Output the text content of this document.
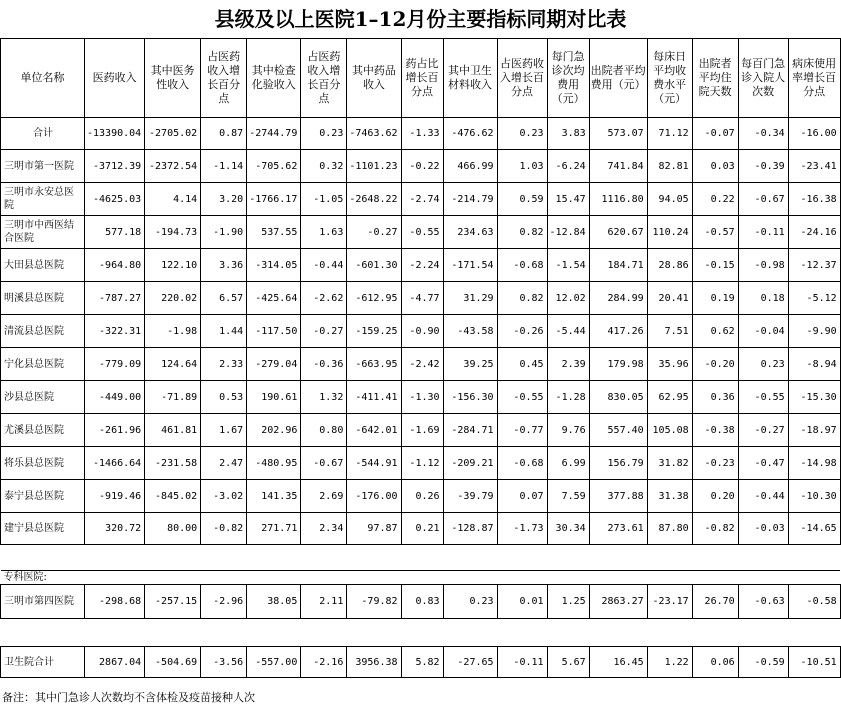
县级及以上医院1–12月份主要指标同期对比表
单位名称	医药收入	其中医务性收入	占医药收入增长百分点	其中检查化验收入	占医药收入增长百分点	其中药品收入	药占比增长百分点	其中卫生材料收入	占医药收入增长百分点	每门急诊次均费用（元）	出院者平均费用（元）	每床日平均收费水平（元）	出院者平均住院天数	每百门急诊入院人次数	病床使用率增长百分点
合计	-13390.04	-2705.02	0.87	-2744.79	0.23	-7463.62	-1.33	-476.62	0.23	3.83	573.07	71.12	-0.07	-0.34	-16.00
三明市第一医院	-3712.39	-2372.54	-1.14	-705.62	0.32	-1101.23	-0.22	466.99	1.03	-6.24	741.84	82.81	0.03	-0.39	-23.41
三明市永安总医院	-4625.03	4.14	3.20	-1766.17	-1.05	-2648.22	-2.74	-214.79	0.59	15.47	1116.80	94.05	0.22	-0.67	-16.38
三明市中西医结合医院	577.18	-194.73	-1.90	537.55	1.63	-0.27	-0.55	234.63	0.82	-12.84	620.67	110.24	-0.57	-0.11	-24.16
大田县总医院	-964.80	122.10	3.36	-314.05	-0.44	-601.30	-2.24	-171.54	-0.68	-1.54	184.71	28.86	-0.15	-0.98	-12.37
明溪县总医院	-787.27	220.02	6.57	-425.64	-2.62	-612.95	-4.77	31.29	0.82	12.02	284.99	20.41	0.19	0.18	-5.12
清流县总医院	-322.31	-1.98	1.44	-117.50	-0.27	-159.25	-0.90	-43.58	-0.26	-5.44	417.26	7.51	0.62	-0.04	-9.90
宁化县总医院	-779.09	124.64	2.33	-279.04	-0.36	-663.95	-2.42	39.25	0.45	2.39	179.98	35.96	-0.20	0.23	-8.94
沙县总医院	-449.00	-71.89	0.53	190.61	1.32	-411.41	-1.30	-156.30	-0.55	-1.28	830.05	62.95	0.36	-0.55	-15.30
尤溪县总医院	-261.96	461.81	1.67	202.96	0.80	-642.01	-1.69	-284.71	-0.77	9.76	557.40	105.08	-0.38	-0.27	-18.97
将乐县总医院	-1466.64	-231.58	2.47	-480.95	-0.67	-544.91	-1.12	-209.21	-0.68	6.99	156.79	31.82	-0.23	-0.47	-14.98
泰宁县总医院	-919.46	-845.02	-3.02	141.35	2.69	-176.00	0.26	-39.79	0.07	7.59	377.88	31.38	0.20	-0.44	-10.30
建宁县总医院	320.72	80.00	-0.82	271.71	2.34	97.87	0.21	-128.87	-1.73	30.34	273.61	87.80	-0.82	-0.03	-14.65

专科医院:															
三明市第四医院	-298.68	-257.15	-2.96	38.05	2.11	-79.82	0.83	0.23	0.01	1.25	2863.27	-23.17	26.70	-0.63	-0.58

卫生院合计	2867.04	-504.69	-3.56	-557.00	-2.16	3956.38	5.82	-27.65	-0.11	5.67	16.45	1.22	0.06	-0.59	-10.51
备注：其中门急诊人次数均不含体检及疫苗接种人次
